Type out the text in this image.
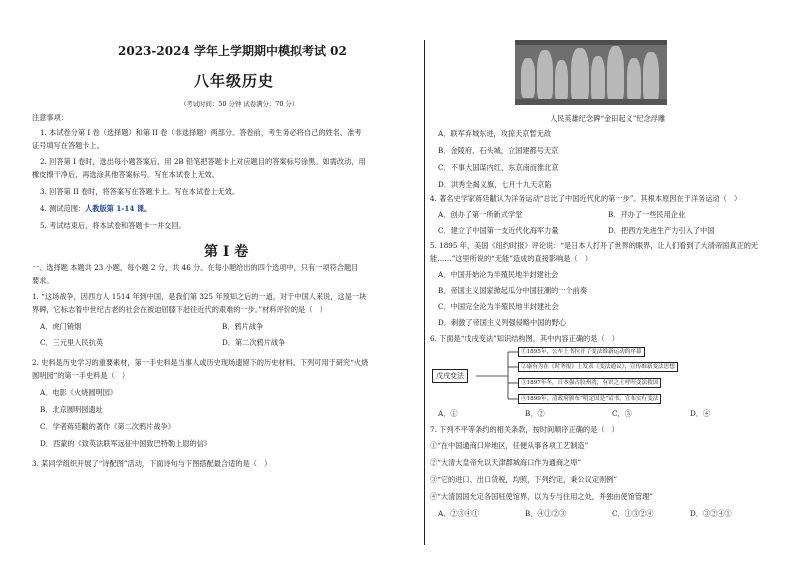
2023-2024 学年上学期期中模拟考试 02
八年级历史
（考试时间：50 分钟 试卷满分：70 分）
注意事项：
1. 本试卷分第 I 卷（选择题）和第 II 卷（非选择题）两部分。答卷前，考生务必将自己的姓名、准考
证号填写在答题卡上。
2. 回答第 I 卷时，选出每小题答案后，用 2B 铅笔把答题卡上对应题目的答案标号涂黑。如需改动，用
橡皮擦干净后，再选涂其他答案标号。写在本试卷上无效。
3. 回答第 II 卷时，将答案写在答题卡上。写在本试卷上无效。
4. 测试范围：人教版第 1-14 课。
5. 考试结束后，将本试卷和答题卡一并交回。
第 I 卷
一、选择题 本题共 23 小题，每小题 2 分，共 46 分。在每小题给出的四个选项中，只有一项符合题目
要求。
1. “这场战争，因西方人 1514 年到中国，是我们第 325 年预知之后的一道，对于中国人来说，这是一块
界碑，它标志着中世纪古老的社会在被迫屈膝下赶往近代的艰难的一步。”材料评价的是（　）
A．虎门销烟	B．鸦片战争
C．三元里人民抗英	D．第二次鸦片战争
2. 史料是历史学习的重要素材，第一手史料是当事人或历史现场遗留下的历史材料。下列可用于研究“火烧
圆明园”的第一手史料是（　）
A．电影《火烧圆明园》
B．北京圆明园遗址
C．学者蒋廷黻的著作《第二次鸦片战争》
D．西蒙的《致英法联军远征中国致巴特勒上尉的信》
3. 某同学组织开展了“诗配图”活动，下面诗句与下图搭配最合适的是（　）
人民英雄纪念碑“金田起义”纪念浮雕
A．联军弃城东进，攻掠天京暂无敌
B．金陵府，石头城，立国建都号天京
C．不事大国谋内红，东京南而淮北京
D．洪秀全揭义旗，七月十九天京陷
4. 著名史学家蒋廷黻认为洋务运动“总比了中国近代化的第一步”。其根本原因在于洋务运动（　）
A．创办了第一所新式学堂	B．开办了一些民用企业
C．建立了中国第一支近代化海军力量	D．把西方先进生产力引入了中国
5. 1895 年，美国《纽约时报》评论说：“是日本人打开了世界的眼界，让人们看到了大清帝国真正的无
能……”这里所说的“无能”造成的直接影响是（　）
A．中国开始沦为半殖民地半封建社会
B．帝国主义国家掀起瓜分中国狂潮的一个前奏
C．中国完全沦为半殖民地半封建社会
D．刺激了帝国主义列强侵略中国的野心
6. 下面是“戊戌变法”知识结构图，其中内容正确的是（　）
戊戌变法
①1895年，公车上书拉开了变法维新运动的序幕
②康有为在《时务报》上发表《变法通议》，宣传维新变法思想
③1897年冬，日本强占胶州湾，有识之士呼吁变法救国
④1899年，清政府颁布“明定国是”诏书，宣布实行变法
A．①	B．②	C．③	D．④
7. 下列不平等条约的相关条款，按时间顺序正确的是（　）
①“在中国通商口岸地区，任便从事各项工艺制造”
②“大清大皇帝允以天津郡城海口作为通商之埠”
③“它的进口、出口货税，均照，下列约定，秉公议定则例”
④“大清国国允定各国驻使馆界，以为专与住用之处，并独由使馆管理”
A．②③④①	B．④①②③	C．①③②④	D．③②④①
